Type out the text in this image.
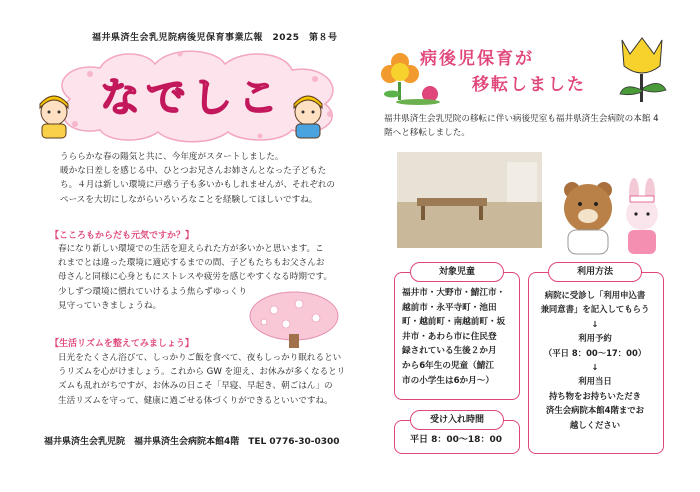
福井県済生会乳児院病後児保育事業広報　2025　第８号
なでしこ
うららかな春の陽気と共に、今年度がスタートしました。
暖かな日差しを感じる中、ひとつお兄さんお姉さんとなった子どもた
ち。４月は新しい環境に戸惑う子も多いかもしれませんが、それぞれの
ペースを大切にしながらいろいろなことを経験してほしいですね。
【こころもからだも元気ですか？】
春になり新しい環境での生活を迎えられた方が多いかと思います。こ
れまでとは違った環境に適応するまでの間、子どもたちもお父さんお
母さんと同様に心身ともにストレスや疲労を感じやすくなる時期です。
少しずつ環境に慣れていけるよう焦らずゆっくり
見守っていきましょうね。
【生活リズムを整えてみましょう】
日光をたくさん浴びて、しっかりご飯を食べて、夜もしっかり眠れるとい
うリズムを心がけましょう。これから GW を迎え、お休みが多くなるとリ
ズムも乱れがちですが、お休みの日こそ「早寝、早起き、朝ごはん」の
生活リズムを守って、健康に過ごせる体づくりができるといいですね。
福井県済生会乳児院　福井県済生会病院本館4階　TEL 0776-30-0300
病後児保育が
移転しました
福井県済生会乳児院の移転に伴い病後児室も福井県済生会病院の本館 4
階へと移転しました。
対象児童
福井市・大野市・鯖江市・
越前市・永平寺町・池田
町・越前町・南越前町・坂
井市・あわら市に住民登
録されている生後２か月
から6年生の児童（鯖江
市の小学生は6か月～）
受け入れ時間
平日 8：00～18：00
利用方法
病院に受診し「利用申込書
兼同意書」を記入してもらう
↓
利用予約
（平日 8：00～17：00）
↓
利用当日
持ち物をお持ちいただき
済生会病院本館4階までお
越しください
